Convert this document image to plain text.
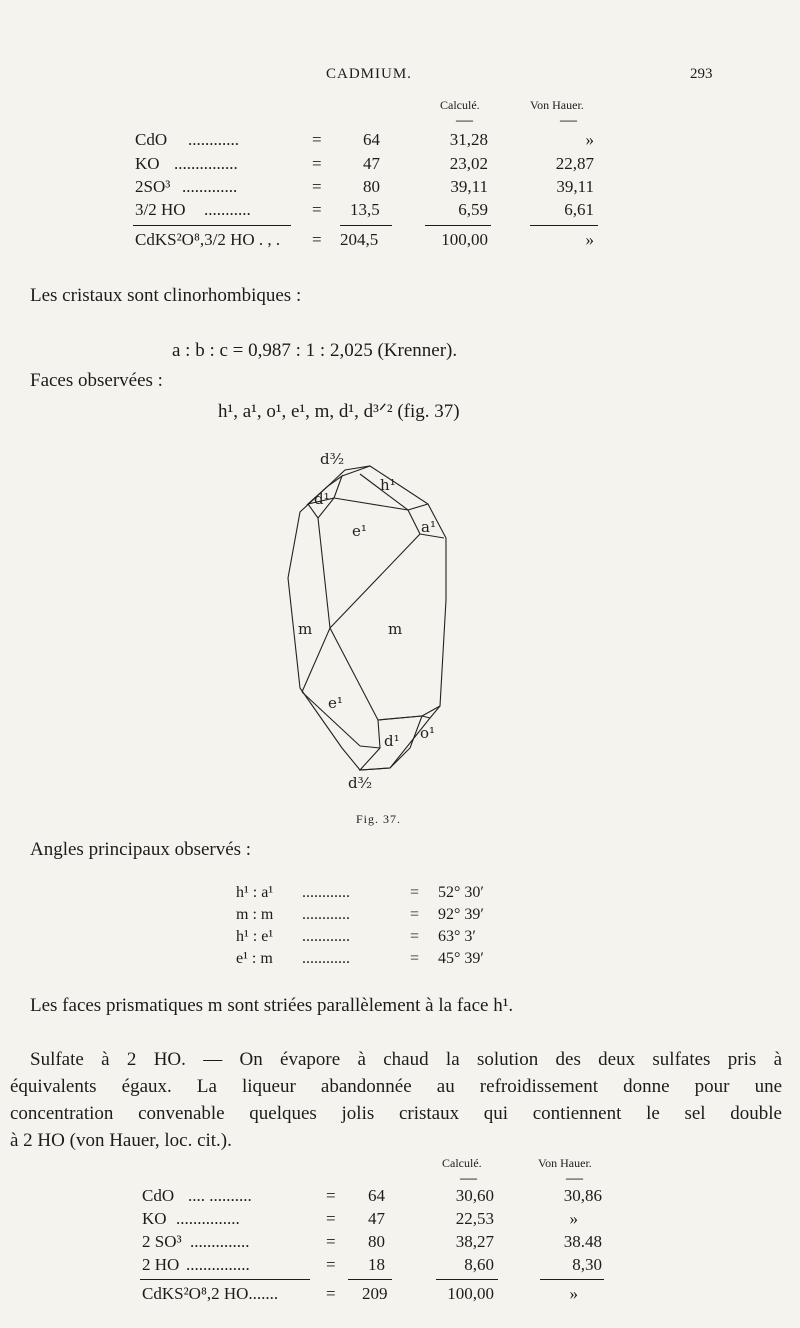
CADMIUM.	293
Calculé.	Von Hauer.
—	—
CdO ............	= 64	31,28	»
KO ...............	= 47	23,02	22,87
2SO³ .............	= 80	39,11	39,11
3/2 HO ...........	= 13,5	6,59	6,61
CdKS²O⁸,3/2 HO . , . = 204,5	100,00	»
Les cristaux sont clinorhombiques :
a : b : c = 0,987 : 1 : 2,025 (Krenner).
Faces observées :
h¹, a¹, o¹, e¹, m, d¹, d³ᐟ² (fig. 37)
d³⁄₂
h¹
d¹
e¹	a¹
m	m
e¹
d¹ o¹
d³⁄₂
Fig. 37.
Angles principaux observés :
h¹ : a¹ ............	= 52° 30′
m : m ............	= 92° 39′
h¹ : e¹ ............	= 63° 3′
e¹ : m ............	= 45° 39′
Les faces prismatiques m sont striées parallèlement à la face h¹.
Sulfate à 2 HO. — On évapore à chaud la solution des deux sulfates pris à
équivalents égaux. La liqueur abandonnée au refroidissement donne pour une
concentration convenable quelques jolis cristaux qui contiennent le sel double
à 2 HO (von Hauer, loc. cit.).
Calculé.	Von Hauer.
—	—
CdO .... ..........	= 64	30,60	30,86
KO ...............	= 47	22,53	»
2 SO³ ..............	= 80	38,27	38.48
2 HO ...............	= 18	8,60	8,30
CdKS²O⁸,2 HO.......	= 209	100,00	»
